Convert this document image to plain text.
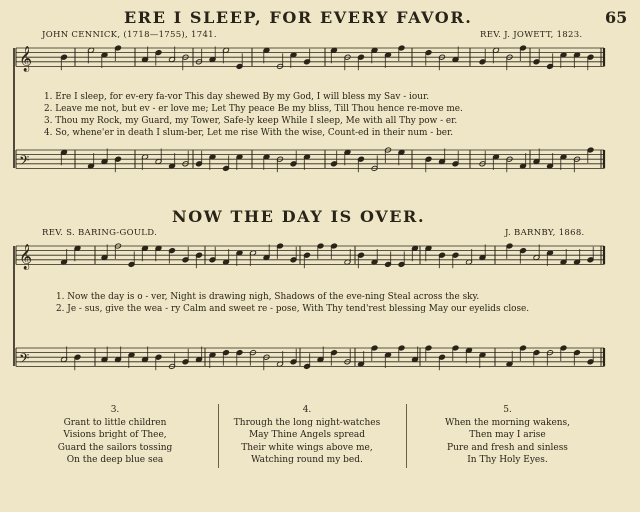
ERE I SLEEP, FOR EVERY FAVOR.	65
JOHN CENNICK, (1718—1755), 1741.	REV. J. JOWETT, 1823.
1. Ere I sleep, for ev-ery fa-vor This day shewed By my God, I will bless my Sav - iour.
2. Leave me not, but ev - er love me; Let Thy peace Be my bliss, Till Thou hence re-move me.
3. Thou my Rock, my Guard, my Tower, Safe-ly keep While I sleep, Me with all Thy pow - er.
4. So, whene'er in death I slum-ber, Let me rise With the wise, Count-ed in their num - ber.
NOW THE DAY IS OVER.
REV. S. BARING-GOULD.	J. BARNBY, 1868.
1. Now the day is o - ver, Night is drawing nigh, Shadows of the eve-ning Steal across the sky.
2. Je - sus, give the wea - ry Calm and sweet re - pose, With Thy tend'rest blessing May our eyelids close.
3.
Grant to little children
Visions bright of Thee,
Guard the sailors tossing
On the deep blue sea
4.
Through the long night-watches
May Thine Angels spread
Their white wings above me,
Watching round my bed.
5.
When the morning wakens,
Then may I arise
Pure and fresh and sinless
In Thy Holy Eyes.
𝄞
𝄢
𝄞
𝄢
